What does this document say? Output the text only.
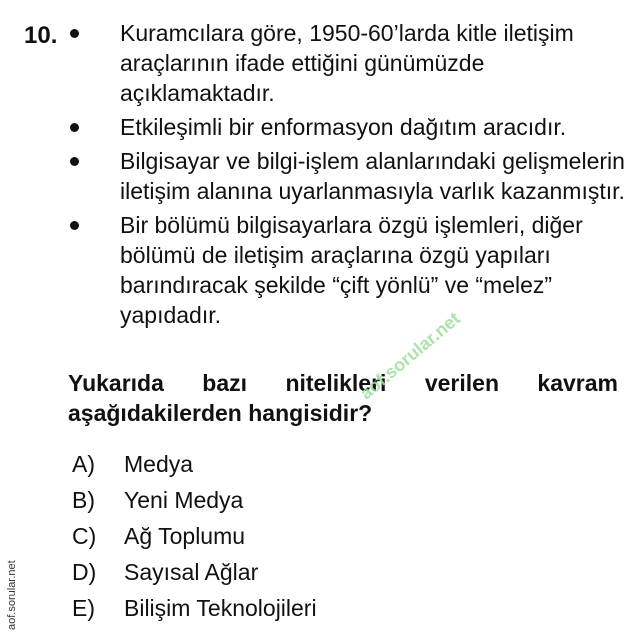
10.	Kuramcılara göre, 1950-60’larda kitle iletişim araçlarının ifade ettiğini günümüzde açıklamaktadır.
Etkileşimli bir enformasyon dağıtım aracıdır.
Bilgisayar ve bilgi-işlem alanlarındaki gelişmelerin iletişim alanına uyarlanmasıyla varlık kazanmıştır.
Bir bölümü bilgisayarlara özgü işlemleri, diğer bölümü de iletişim araçlarına özgü yapıları barındıracak şekilde “çift yönlü” ve “melez” yapıdadır.
Yukarıda bazı nitelikleri verilen kavram
aşağıdakilerden hangisidir?
aof.sorular.net
A)	Medya
B)	Yeni Medya
C)	Ağ Toplumu
D)	Sayısal Ağlar
E)	Bilişim Teknolojileri
aof.sorular.net
